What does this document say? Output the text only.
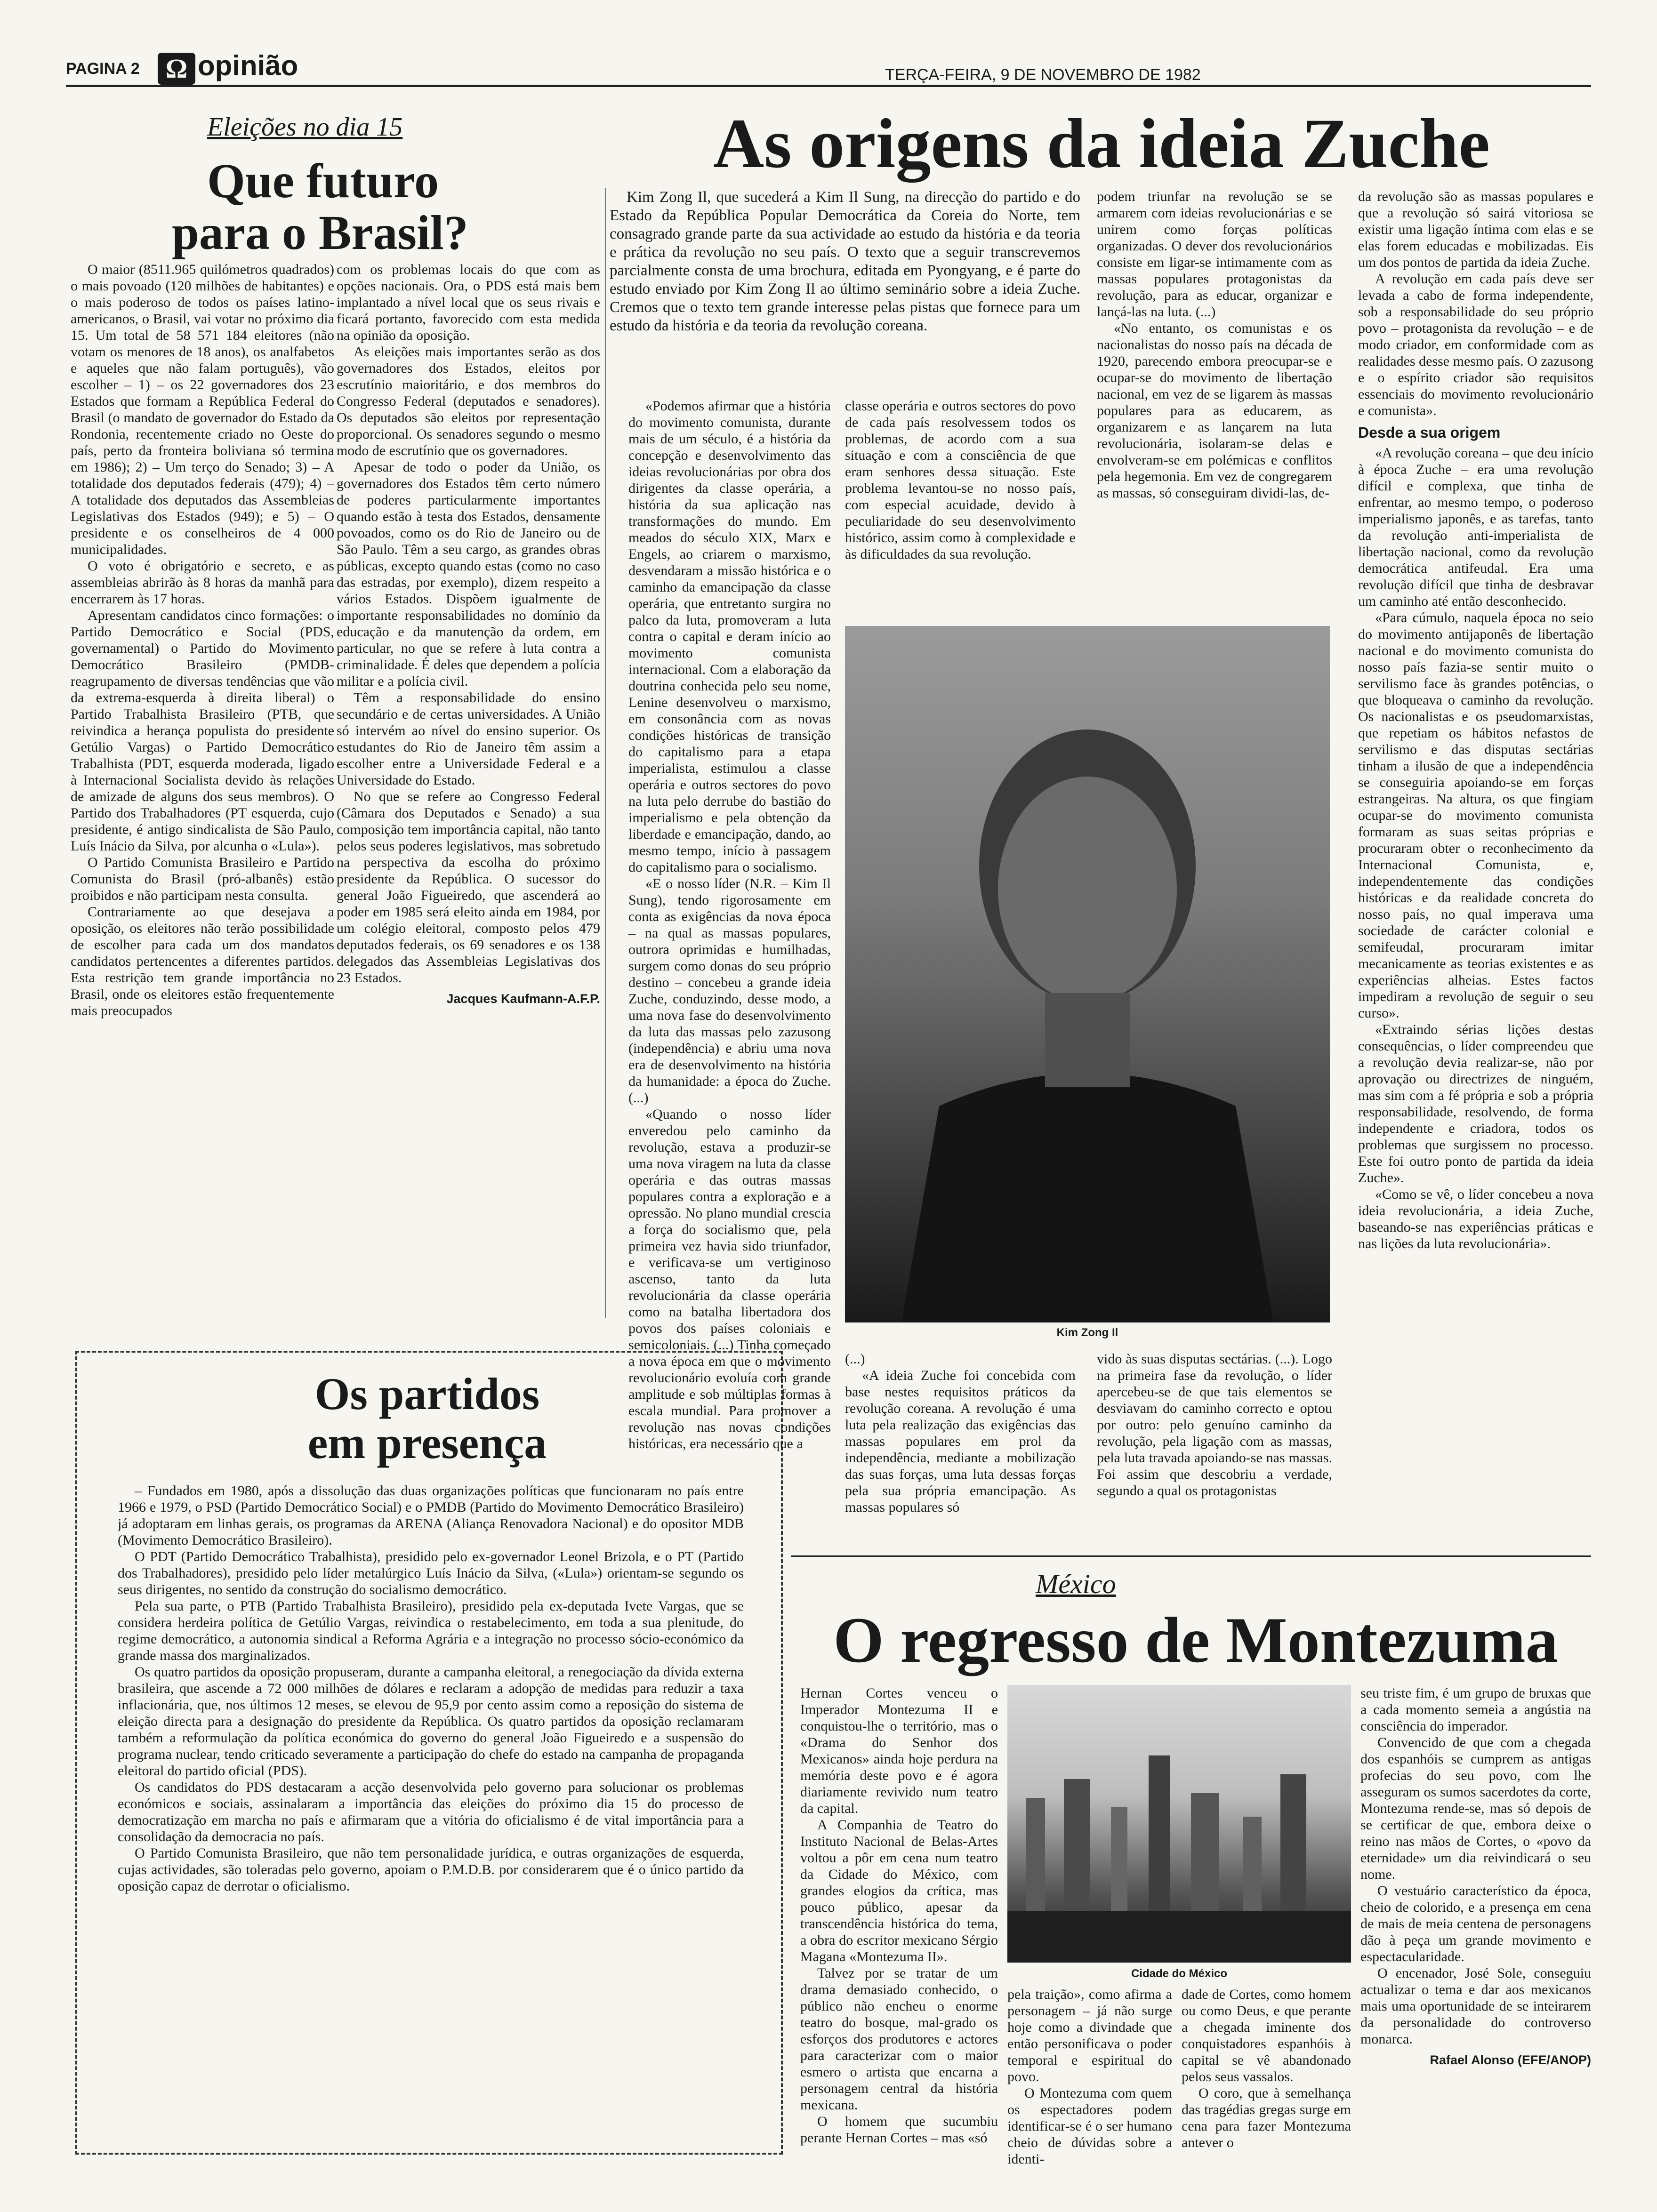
PAGINA 2 Ω opinião	TERÇA-FEIRA, 9 DE NOVEMBRO DE 1982
Eleições no dia 15
Que futuro
para o Brasil?

O maior (8511.965 quilómetros quadrados) o mais povoado (120 milhões de habitantes) e o mais poderoso de todos os países latino-americanos, o Brasil, vai votar no próximo dia 15. Um total de 58 571 184 eleitores (não votam os menores de 18 anos), os analfabetos e aqueles que não falam português), vão escolher – 1) – os 22 governadores dos 23 Estados que formam a República Federal do Brasil (o mandato de governador do Estado da Rondonia, recentemente criado no Oeste do país, perto da fronteira boliviana só termina em 1986); 2) – Um terço do Senado; 3) – A totalidade dos deputados federais (479); 4) – A totalidade dos deputados das Assembleias Legislativas dos Estados (949); e 5) – O presidente e os conselheiros de 4 000 municipalidades.

O voto é obrigatório e secreto, e as assembleias abrirão às 8 horas da manhã para encerrarem às 17 horas.

Apresentam candidatos cinco formações: o Partido Democrático e Social (PDS, governamental) o Partido do Movimento Democrático Brasileiro (PMDB-reagrupamento de diversas tendências que vão da extrema-esquerda à direita liberal) o Partido Trabalhista Brasileiro (PTB, que reivindica a herança populista do presidente Getúlio Vargas) o Partido Democrático Trabalhista (PDT, esquerda moderada, ligado à Internacional Socialista devido às relações de amizade de alguns dos seus membros). O Partido dos Trabalhadores (PT esquerda, cujo presidente, é antigo sindicalista de São Paulo, Luís Inácio da Silva, por alcunha o «Lula»).

O Partido Comunista Brasileiro e Partido Comunista do Brasil (pró-albanês) estão proibidos e não participam nesta consulta.

Contrariamente ao que desejava a oposição, os eleitores não terão possibilidade de escolher para cada um dos mandatos candidatos pertencentes a diferentes partidos. Esta restrição tem grande importância no Brasil, onde os eleitores estão frequentemente mais preocupados

com os problemas locais do que com as opções nacionais. Ora, o PDS está mais bem implantado a nível local que os seus rivais e ficará portanto, favorecido com esta medida na opinião da oposição.

As eleições mais importantes serão as dos governadores dos Estados, eleitos por escrutínio maioritário, e dos membros do Congresso Federal (deputados e senadores). Os deputados são eleitos por representação proporcional. Os senadores segundo o mesmo modo de escrutínio que os governadores.

Apesar de todo o poder da União, os governadores dos Estados têm certo número de poderes particularmente importantes quando estão à testa dos Estados, densamente povoados, como os do Rio de Janeiro ou de São Paulo. Têm a seu cargo, as grandes obras públicas, excepto quando estas (como no caso das estradas, por exemplo), dizem respeito a vários Estados. Dispõem igualmente de importante responsabilidades no domínio da educação e da manutenção da ordem, em particular, no que se refere à luta contra a criminalidade. É deles que dependem a polícia militar e a polícia civil.

Têm a responsabilidade do ensino secundário e de certas universidades. A União só intervém ao nível do ensino superior. Os estudantes do Rio de Janeiro têm assim a escolher entre a Universidade Federal e a Universidade do Estado.

No que se refere ao Congresso Federal (Câmara dos Deputados e Senado) a sua composição tem importância capital, não tanto pelos seus poderes legislativos, mas sobretudo na perspectiva da escolha do próximo presidente da República. O sucessor do general João Figueiredo, que ascenderá ao poder em 1985 será eleito ainda em 1984, por um colégio eleitoral, composto pelos 479 deputados federais, os 69 senadores e os 138 delegados das Assembleias Legislativas dos 23 Estados.

Jacques Kaufmann-A.F.P.
Os partidos
em presença

– Fundados em 1980, após a dissolução das duas organizações políticas que funcionaram no país entre 1966 e 1979, o PSD (Partido Democrático Social) e o PMDB (Partido do Movimento Democrático Brasileiro) já adoptaram em linhas gerais, os programas da ARENA (Aliança Renovadora Nacional) e do opositor MDB (Movimento Democrático Brasileiro).

O PDT (Partido Democrático Trabalhista), presidido pelo ex-governador Leonel Brizola, e o PT (Partido dos Trabalhadores), presidido pelo líder metalúrgico Luís Inácio da Silva, («Lula») orientam-se segundo os seus dirigentes, no sentido da construção do socialismo democrático.

Pela sua parte, o PTB (Partido Trabalhista Brasileiro), presidido pela ex-deputada Ivete Vargas, que se considera herdeira política de Getúlio Vargas, reivindica o restabelecimento, em toda a sua plenitude, do regime democrático, a autonomia sindical a Reforma Agrária e a integração no processo sócio-económico da grande massa dos marginalizados.

Os quatro partidos da oposição propuseram, durante a campanha eleitoral, a renegociação da dívida externa brasileira, que ascende a 72 000 milhões de dólares e reclaram a adopção de medidas para reduzir a taxa inflacionária, que, nos últimos 12 meses, se elevou de 95,9 por cento assim como a reposição do sistema de eleição directa para a designação do presidente da República. Os quatro partidos da oposição reclamaram também a reformulação da política económica do governo do general João Figueiredo e a suspensão do programa nuclear, tendo criticado severamente a participação do chefe do estado na campanha de propaganda eleitoral do partido oficial (PDS).

Os candidatos do PDS destacaram a acção desenvolvida pelo governo para solucionar os problemas económicos e sociais, assinalaram a importância das eleições do próximo dia 15 do processo de democratização em marcha no país e afirmaram que a vitória do oficialismo é de vital importância para a consolidação da democracia no país.

O Partido Comunista Brasileiro, que não tem personalidade jurídica, e outras organizações de esquerda, cujas actividades, são toleradas pelo governo, apoiam o P.M.D.B. por considerarem que é o único partido da oposição capaz de derrotar o oficialismo.

As origens da ideia Zuche

Kim Zong Il, que sucederá a Kim Il Sung, na direcção do partido e do Estado da República Popular Democrática da Coreia do Norte, tem consagrado grande parte da sua actividade ao estudo da história e da teoria e prática da revolução no seu país. O texto que a seguir transcrevemos parcialmente consta de uma brochura, editada em Pyongyang, e é parte do estudo enviado por Kim Zong Il ao último seminário sobre a ideia Zuche. Cremos que o texto tem grande interesse pelas pistas que fornece para um estudo da história e da teoria da revolução coreana.

«Podemos afirmar que a história do movimento comunista, durante mais de um século, é a história da concepção e desenvolvimento das ideias revolucionárias por obra dos dirigentes da classe operária, a história da sua aplicação nas transformações do mundo. Em meados do século XIX, Marx e Engels, ao criarem o marxismo, desvendaram a missão histórica e o caminho da emancipação da classe operária, que entretanto surgira no palco da luta, promoveram a luta contra o capital e deram início ao movimento comunista internacional. Com a elaboração da doutrina conhecida pelo seu nome, Lenine desenvolveu o marxismo, em consonância com as novas condições históricas de transição do capitalismo para a etapa imperialista, estimulou a classe operária e outros sectores do povo na luta pelo derrube do bastião do imperialismo e pela obtenção da liberdade e emancipação, dando, ao mesmo tempo, início à passagem do capitalismo para o socialismo.

«E o nosso líder (N.R. – Kim Il Sung), tendo rigorosamente em conta as exigências da nova época – na qual as massas populares, outrora oprimidas e humilhadas, surgem como donas do seu próprio destino – concebeu a grande ideia Zuche, conduzindo, desse modo, a uma nova fase do desenvolvimento da luta das massas pelo zazusong (independência) e abriu uma nova era de desenvolvimento na história da humanidade: a época do Zuche. (...)

«Quando o nosso líder enveredou pelo caminho da revolução, estava a produzir-se uma nova viragem na luta da classe operária e das outras massas populares contra a exploração e a opressão. No plano mundial crescia a força do socialismo que, pela primeira vez havia sido triunfador, e verificava-se um vertiginoso ascenso, tanto da luta revolucionária da classe operária como na batalha libertadora dos povos dos países coloniais e semicoloniais. (...) Tinha começado a nova época em que o movimento revolucionário evoluía com grande amplitude e sob múltiplas formas à escala mundial. Para promover a revolução nas novas condições históricas, era necessário que a

classe operária e outros sectores do povo de cada país resolvessem todos os problemas, de acordo com a sua situação e com a consciência de que eram senhores dessa situação. Este problema levantou-se no nosso país, com especial acuidade, devido à peculiaridade do seu desenvolvimento histórico, assim como à complexidade e às dificuldades da sua revolução.

podem triunfar na revolução se se armarem com ideias revolucionárias e se unirem como forças políticas organizadas. O dever dos revolucionários consiste em ligar-se intimamente com as massas populares protagonistas da revolução, para as educar, organizar e lançá-las na luta. (...)

«No entanto, os comunistas e os nacionalistas do nosso país na década de 1920, parecendo embora preocupar-se e ocupar-se do movimento de libertação nacional, em vez de se ligarem às massas populares para as educarem, as organizarem e as lançarem na luta revolucionária, isolaram-se delas e envolveram-se em polémicas e conflitos pela hegemonia. Em vez de congregarem as massas, só conseguiram dividi-las, de-

Kim Zong Il

(...)

«A ideia Zuche foi concebida com base nestes requisitos práticos da revolução coreana. A revolução é uma luta pela realização das exigências das massas populares em prol da independência, mediante a mobilização das suas forças, uma luta dessas forças pela sua própria emancipação. As massas populares só

vido às suas disputas sectárias. (...). Logo na primeira fase da revolução, o líder apercebeu-se de que tais elementos se desviavam do caminho correcto e optou por outro: pelo genuíno caminho da revolução, pela ligação com as massas, pela luta travada apoiando-se nas massas. Foi assim que descobriu a verdade, segundo a qual os protagonistas

da revolução são as massas populares e que a revolução só sairá vitoriosa se existir uma ligação íntima com elas e se elas forem educadas e mobilizadas. Eis um dos pontos de partida da ideia Zuche.

A revolução em cada país deve ser levada a cabo de forma independente, sob a responsabilidade do seu próprio povo – protagonista da revolução – e de modo criador, em conformidade com as realidades desse mesmo país. O zazusong e o espírito criador são requisitos essenciais do movimento revolucionário e comunista».

Desde a sua origem

«A revolução coreana – que deu início à época Zuche – era uma revolução difícil e complexa, que tinha de enfrentar, ao mesmo tempo, o poderoso imperialismo japonês, e as tarefas, tanto da revolução anti-imperialista de libertação nacional, como da revolução democrática antifeudal. Era uma revolução difícil que tinha de desbravar um caminho até então desconhecido.

«Para cúmulo, naquela época no seio do movimento antijaponês de libertação nacional e do movimento comunista do nosso país fazia-se sentir muito o servilismo face às grandes potências, o que bloqueava o caminho da revolução. Os nacionalistas e os pseudomarxistas, que repetiam os hábitos nefastos de servilismo e das disputas sectárias tinham a ilusão de que a independência se conseguiria apoiando-se em forças estrangeiras. Na altura, os que fingiam ocupar-se do movimento comunista formaram as suas seitas próprias e procuraram obter o reconhecimento da Internacional Comunista, e, independentemente das condições históricas e da realidade concreta do nosso país, no qual imperava uma sociedade de carácter colonial e semifeudal, procuraram imitar mecanicamente as teorias existentes e as experiências alheias. Estes factos impediram a revolução de seguir o seu curso».

«Extraindo sérias lições destas consequências, o líder compreendeu que a revolução devia realizar-se, não por aprovação ou directrizes de ninguém, mas sim com a fé própria e sob a própria responsabilidade, resolvendo, de forma independente e criadora, todos os problemas que surgissem no processo. Este foi outro ponto de partida da ideia Zuche».

«Como se vê, o líder concebeu a nova ideia revolucionária, a ideia Zuche, baseando-se nas experiências práticas e nas lições da luta revolucionária».

México
O regresso de Montezuma

Hernan Cortes venceu o Imperador Montezuma II e conquistou-lhe o território, mas o «Drama do Senhor dos Mexicanos» ainda hoje perdura na memória deste povo e é agora diariamente revivido num teatro da capital.

A Companhia de Teatro do Instituto Nacional de Belas-Artes voltou a pôr em cena num teatro da Cidade do México, com grandes elogios da crítica, mas pouco público, apesar da transcendência histórica do tema, a obra do escritor mexicano Sérgio Magana «Montezuma II».

Talvez por se tratar de um drama demasiado conhecido, o público não encheu o enorme teatro do bosque, mal-grado os esforços dos produtores e actores para caracterizar com o maior esmero o artista que encarna a personagem central da história mexicana.

O homem que sucumbiu perante Hernan Cortes – mas «só

Cidade do México

pela traição», como afirma a personagem – já não surge hoje como a divindade que então personificava o poder temporal e espiritual do povo.

O Montezuma com quem os espectadores podem identificar-se é o ser humano cheio de dúvidas sobre a identi-

dade de Cortes, como homem ou como Deus, e que perante a chegada iminente dos conquistadores espanhóis à capital se vê abandonado pelos seus vassalos.

O coro, que à semelhança das tragédias gregas surge em cena para fazer Montezuma antever o

seu triste fim, é um grupo de bruxas que a cada momento semeia a angústia na consciência do imperador.

Convencido de que com a chegada dos espanhóis se cumprem as antigas profecias do seu povo, com lhe asseguram os sumos sacerdotes da corte, Montezuma rende-se, mas só depois de se certificar de que, embora deixe o reino nas mãos de Cortes, o «povo da eternidade» um dia reivindicará o seu nome.

O vestuário característico da época, cheio de colorido, e a presença em cena de mais de meia centena de personagens dão à peça um grande movimento e espectacularidade.

O encenador, José Sole, conseguiu actualizar o tema e dar aos mexicanos mais uma oportunidade de se inteirarem da personalidade do controverso monarca.

Rafael Alonso (EFE/ANOP)
